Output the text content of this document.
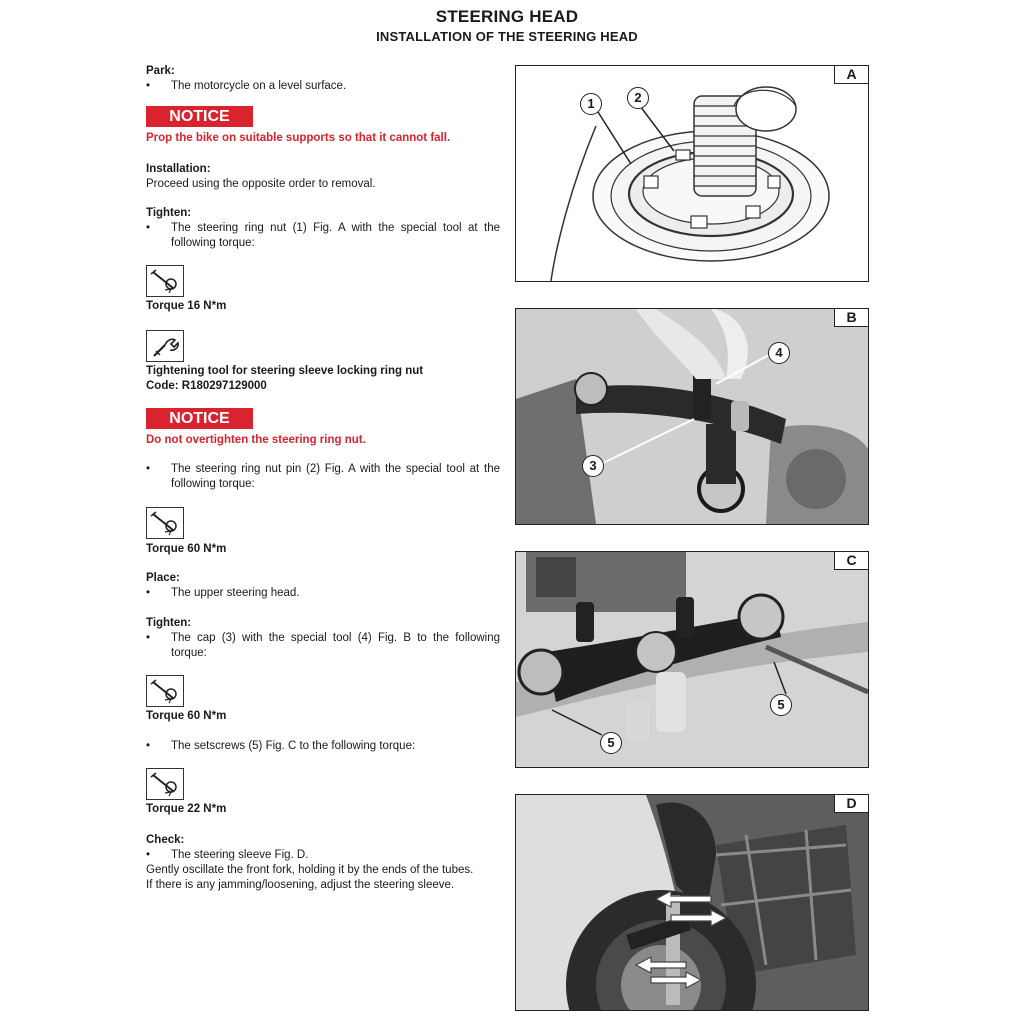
STEERING HEAD
INSTALLATION OF THE STEERING HEAD
Park:
•	The motorcycle on a level surface.
NOTICE
Prop the bike on suitable supports so that it cannot fall.
Installation:
Proceed using the opposite order to removal.
Tighten:
•	The steering ring nut (1) Fig. A with the special tool at the following torque:
Torque 16 N*m
Tightening tool for steering sleeve locking ring nut
Code: R180297129000
NOTICE
Do not overtighten the steering ring nut.
•	The steering ring nut pin (2) Fig. A with the special tool at the following torque:
Torque 60 N*m
Place:
•	The upper steering head.
Tighten:
•	The cap (3) with the special tool (4) Fig. B to the following torque:
Torque 60 N*m
•	The setscrews (5) Fig. C to the following torque:
Torque 22 N*m
Check:
•	The steering sleeve Fig. D.
Gently oscillate the front fork, holding it by the ends of the tubes.
If there is any jamming/loosening, adjust the steering sleeve.
A
1	2
B
4
3
C
5
5
D
